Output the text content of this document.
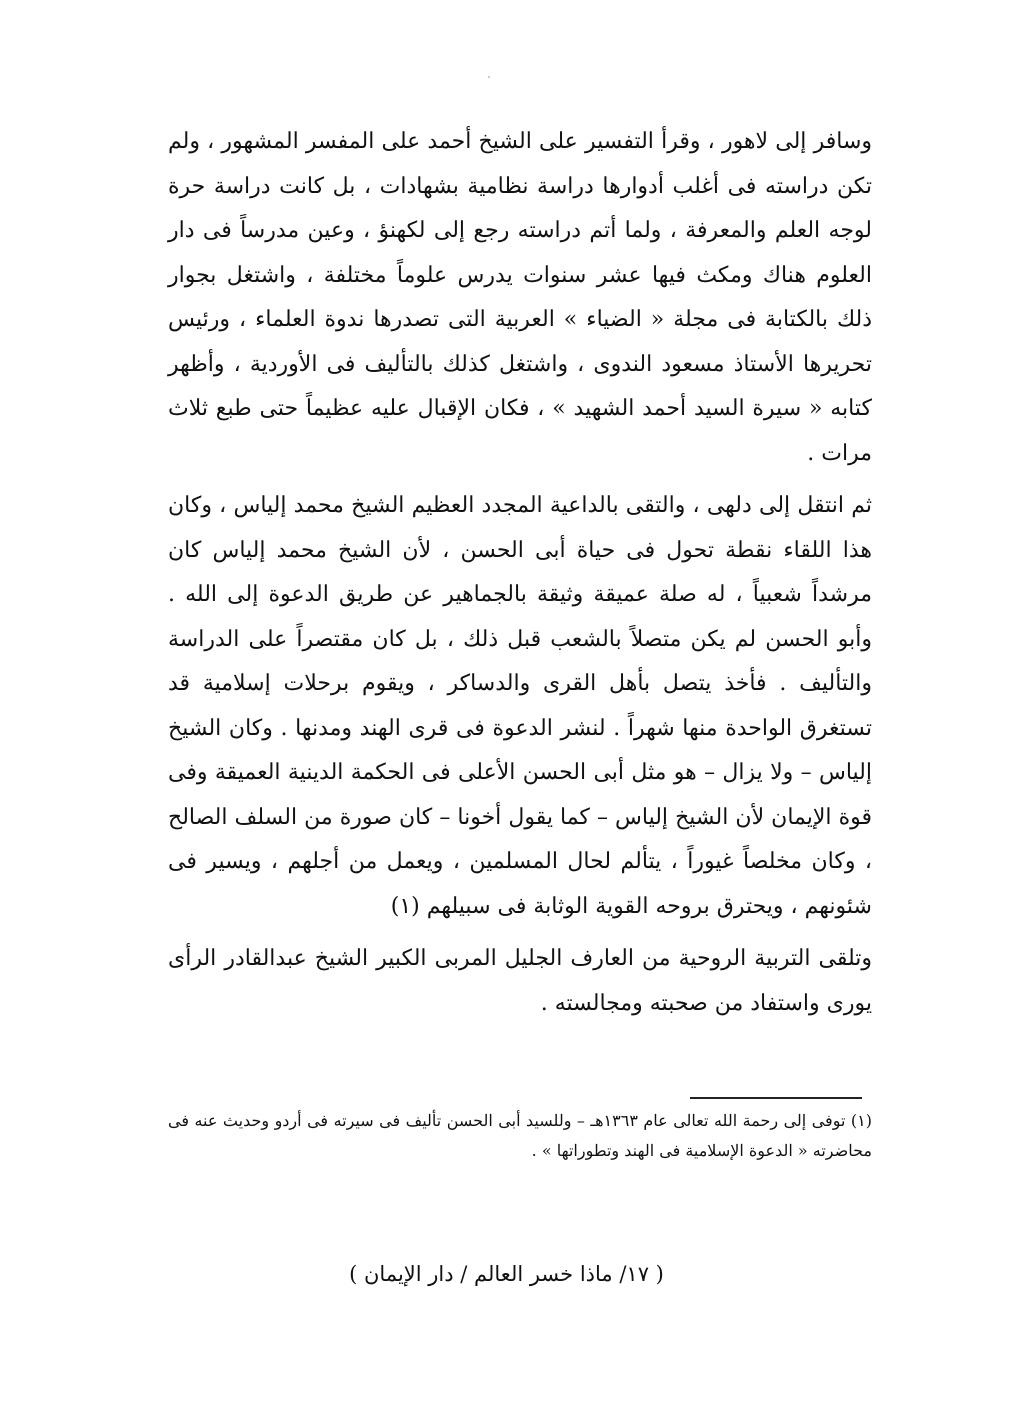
وسافر إلى لاهور ، وقرأ التفسير على الشيخ أحمد على المفسر المشهور ، ولم تكن دراسته فى أغلب أدوارها دراسة نظامية بشهادات ، بل كانت دراسة حرة لوجه العلم والمعرفة ، ولما أتم دراسته رجع إلى لكهنؤ ، وعين مدرساً فى دار العلوم هناك ومكث فيها عشر سنوات يدرس علوماً مختلفة ، واشتغل بجوار ذلك بالكتابة فى مجلة « الضياء » العربية التى تصدرها ندوة العلماء ، ورئيس تحريرها الأستاذ مسعود الندوى ، واشتغل كذلك بالتأليف فى الأوردية ، وأظهر كتابه « سيرة السيد أحمد الشهيد » ، فكان الإقبال عليه عظيماً حتى طبع ثلاث مرات .

ثم انتقل إلى دلهى ، والتقى بالداعية المجدد العظيم الشيخ محمد إلياس ، وكان هذا اللقاء نقطة تحول فى حياة أبى الحسن ، لأن الشيخ محمد إلياس كان مرشداً شعبياً ، له صلة عميقة وثيقة بالجماهير عن طريق الدعوة إلى الله . وأبو الحسن لم يكن متصلاً بالشعب قبل ذلك ، بل كان مقتصراً على الدراسة والتأليف . فأخذ يتصل بأهل القرى والدساكر ، ويقوم برحلات إسلامية قد تستغرق الواحدة منها شهراً . لنشر الدعوة فى قرى الهند ومدنها . وكان الشيخ إلياس – ولا يزال – هو مثل أبى الحسن الأعلى فى الحكمة الدينية العميقة وفى قوة الإيمان لأن الشيخ إلياس – كما يقول أخونا – كان صورة من السلف الصالح ، وكان مخلصاً غيوراً ، يتألم لحال المسلمين ، ويعمل من أجلهم ، ويسير فى شئونهم ، ويحترق بروحه القوية الوثابة فى سبيلهم (١)

وتلقى التربية الروحية من العارف الجليل المربى الكبير الشيخ عبدالقادر الرأى يورى واستفاد من صحبته ومجالسته .

(١) توفى إلى رحمة الله تعالى عام ١٣٦٣هـ – وللسيد أبى الحسن تأليف فى سيرته فى أردو وحديث عنه فى محاضرته « الدعوة الإسلامية فى الهند وتطوراتها » .

( ١٧/ ماذا خسر العالم / دار الإيمان )
